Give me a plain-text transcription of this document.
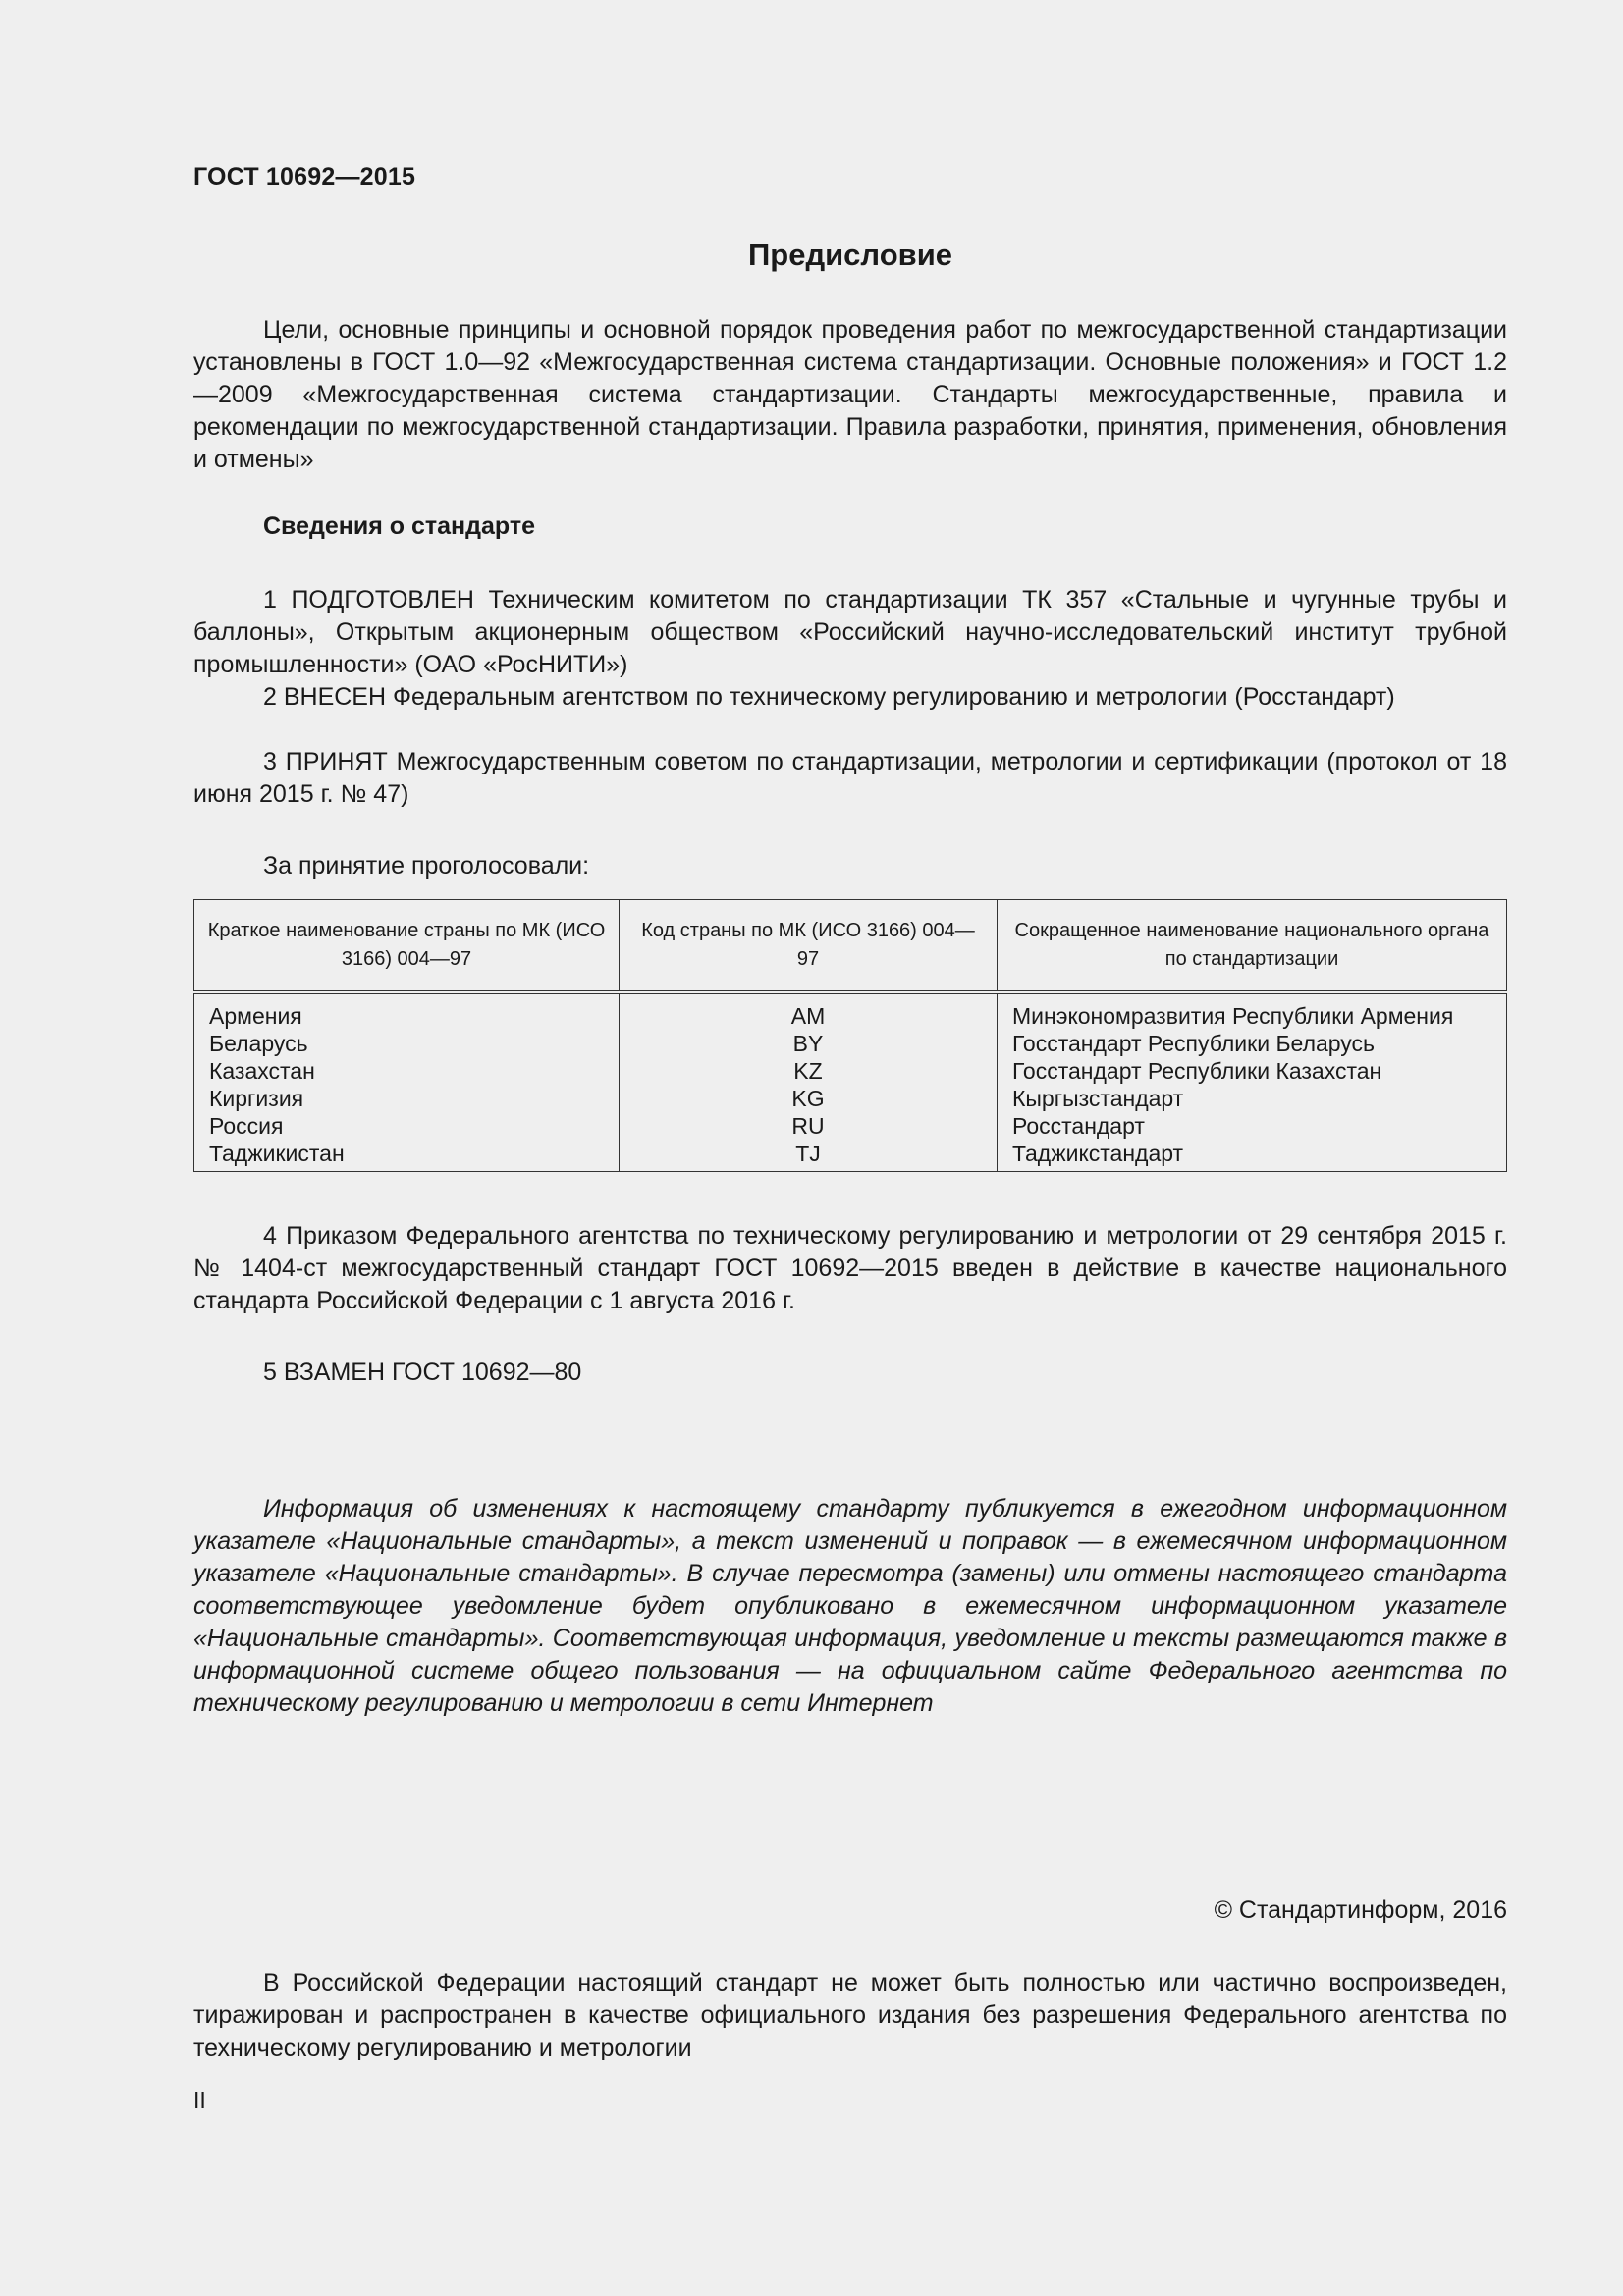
ГОСТ 10692—2015
Предисловие
Цели, основные принципы и основной порядок проведения работ по межгосударственной стандартизации установлены в ГОСТ 1.0—92 «Межгосударственная система стандартизации. Основные положения» и ГОСТ 1.2—2009 «Межгосударственная система стандартизации. Стандарты межгосударственные, правила и рекомендации по межгосударственной стандартизации. Правила разработки, принятия, применения, обновления и отмены»
Сведения о стандарте
1 ПОДГОТОВЛЕН Техническим комитетом по стандартизации ТК 357 «Стальные и чугунные трубы и баллоны», Открытым акционерным обществом «Российский научно-исследовательский институт трубной промышленности» (ОАО «РосНИТИ»)
2 ВНЕСЕН Федеральным агентством по техническому регулированию и метрологии (Росстандарт)
3 ПРИНЯТ Межгосударственным советом по стандартизации, метрологии и сертификации (протокол от 18 июня 2015 г. № 47)
За принятие проголосовали:
Краткое наименование страны по МК (ИСО 3166) 004—97	Код страны по МК (ИСО 3166) 004—97	Сокращенное наименование национального органа по стандартизации
Армения	AM	Минэкономразвития Республики Армения
Беларусь	BY	Госстандарт Республики Беларусь
Казахстан	KZ	Госстандарт Республики Казахстан
Киргизия	KG	Кыргызстандарт
Россия	RU	Росстандарт
Таджикистан	TJ	Таджикстандарт
4 Приказом Федерального агентства по техническому регулированию и метрологии от 29 сентября 2015 г. № 1404-ст межгосударственный стандарт ГОСТ 10692—2015 введен в действие в качестве национального стандарта Российской Федерации с 1 августа 2016 г.
5 ВЗАМЕН ГОСТ 10692—80
Информация об изменениях к настоящему стандарту публикуется в ежегодном информационном указателе «Национальные стандарты», а текст изменений и поправок — в ежемесячном информационном указателе «Национальные стандарты». В случае пересмотра (замены) или отмены настоящего стандарта соответствующее уведомление будет опубликовано в ежемесячном информационном указателе «Национальные стандарты». Соответствующая информация, уведомление и тексты размещаются также в информационной системе общего пользования — на официальном сайте Федерального агентства по техническому регулированию и метрологии в сети Интернет
© Стандартинформ, 2016
В Российской Федерации настоящий стандарт не может быть полностью или частично воспроизведен, тиражирован и распространен в качестве официального издания без разрешения Федерального агентства по техническому регулированию и метрологии
II
